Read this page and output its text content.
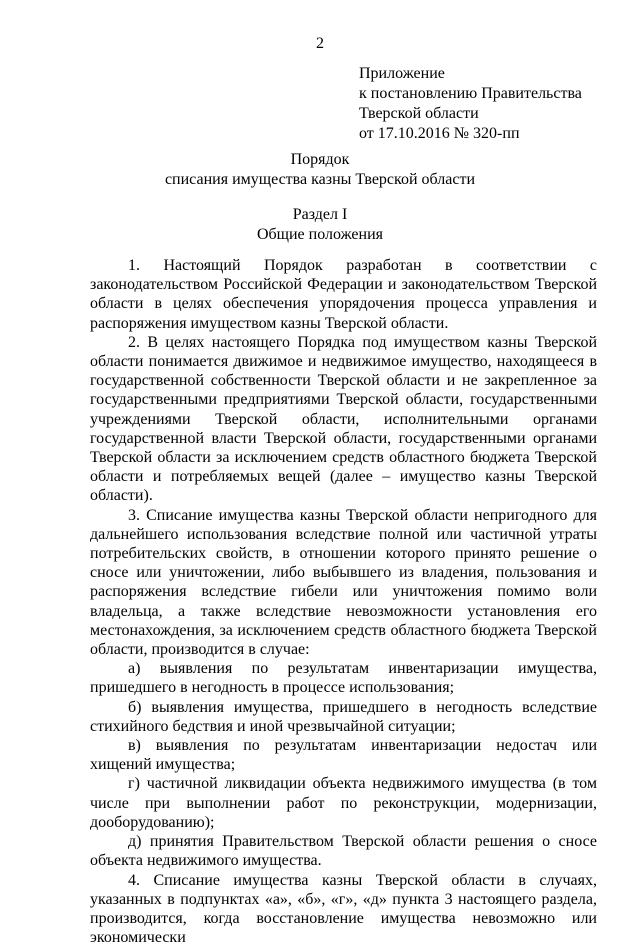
2
Приложение
к постановлению Правительства
Тверской области
от 17.10.2016 № 320-пп
Порядок
списания имущества казны Тверской области
Раздел I
Общие положения

1. Настоящий Порядок разработан в соответствии с законодательством Российской Федерации и законодательством Тверской области в целях обеспечения упорядочения процесса управления и распоряжения имуществом казны Тверской области.

2. В целях настоящего Порядка под имуществом казны Тверской области понимается движимое и недвижимое имущество, находящееся в государственной собственности Тверской области и не закрепленное за государственными предприятиями Тверской области, государственными учреждениями Тверской области, исполнительными органами государственной власти Тверской области, государственными органами Тверской области за исключением средств областного бюджета Тверской области и потребляемых вещей (далее – имущество казны Тверской области).

3. Списание имущества казны Тверской области непригодного для дальнейшего использования вследствие полной или частичной утраты потребительских свойств, в отношении которого принято решение о сносе или уничтожении, либо выбывшего из владения, пользования и распоряжения вследствие гибели или уничтожения помимо воли владельца, а также вследствие невозможности установления его местонахождения, за исключением средств областного бюджета Тверской области, производится в случае:

а) выявления по результатам инвентаризации имущества, пришедшего в негодность в процессе использования;

б) выявления имущества, пришедшего в негодность вследствие стихийного бедствия и иной чрезвычайной ситуации;

в) выявления по результатам инвентаризации недостач или хищений имущества;

г) частичной ликвидации объекта недвижимого имущества (в том числе при выполнении работ по реконструкции, модернизации, дооборудованию);

д) принятия Правительством Тверской области решения о сносе объекта недвижимого имущества.

4. Списание имущества казны Тверской области в случаях, указанных в подпунктах «а», «б», «г», «д» пункта 3 настоящего раздела, производится, когда восстановление имущества невозможно или экономически
